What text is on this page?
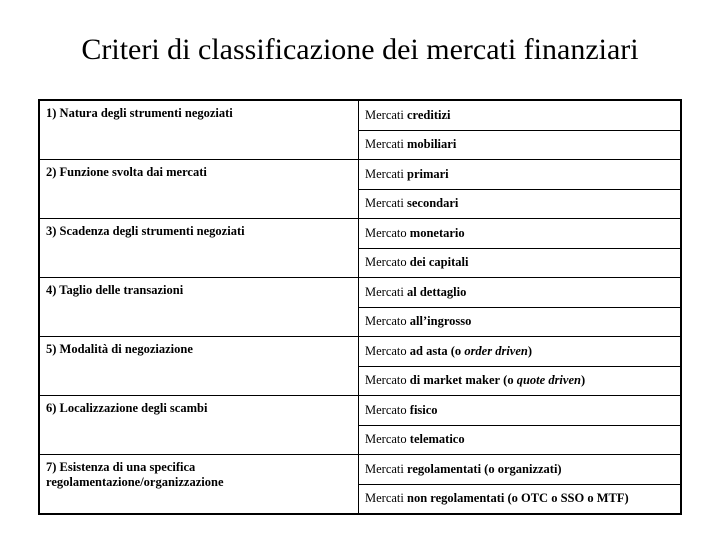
Criteri di classificazione dei mercati finanziari
1) Natura degli strumenti negoziati	Mercati creditizi
	Mercati mobiliari

2) Funzione svolta dai mercati	Mercati primari
	Mercati secondari

3) Scadenza degli strumenti negoziati	Mercato monetario
	Mercato dei capitali

4) Taglio delle transazioni	Mercati al dettaglio
	Mercato all’ingrosso

5) Modalità di negoziazione	Mercato ad asta (o order driven)
	Mercato di market maker (o quote driven)

6) Localizzazione degli scambi	Mercato fisico
	Mercato telematico

7) Esistenza di una specifica regolamentazione/organizzazione	Mercati regolamentati (o organizzati)
	Mercati non regolamentati (o OTC o SSO o MTF)
